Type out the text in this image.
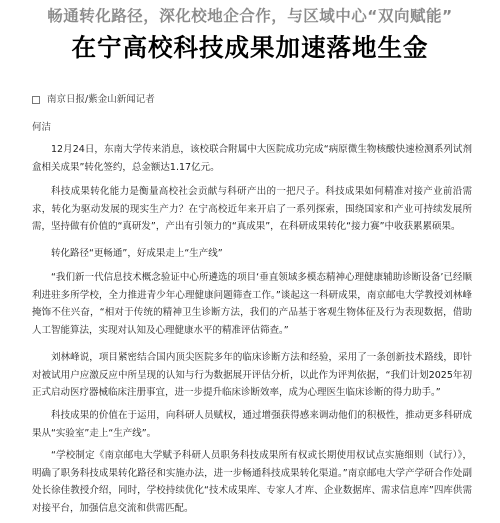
畅通转化路径，深化校地企合作，与区域中心“双向赋能”
在宁高校科技成果加速落地生金
南京日报/紫金山新闻记者
何洁

12月24日，东南大学传来消息，该校联合附属中大医院成功完成“病原微生物核酸快速检测系列试剂盒相关成果”转化签约，总金额达1.17亿元。

科技成果转化能力是衡量高校社会贡献与科研产出的一把尺子。科技成果如何精准对接产业前沿需求，转化为驱动发展的现实生产力？在宁高校近年来开启了一系列探索，围绕国家和产业可持续发展所需，坚持做有价值的“真研发”，产出有引领力的“真成果”，在科研成果转化“接力赛”中收获累累硕果。

转化路径“更畅通”，好成果走上“生产线”

“我们新一代信息技术概念验证中心所遴选的项目‘垂直领域多模态精神心理健康辅助诊断设备’已经顺利进驻多所学校，全力推进青少年心理健康问题筛查工作。”谈起这一科研成果，南京邮电大学教授刘林峰掩饰不住兴奋，“相对于传统的精神卫生诊断方法，我们的产品基于客观生物体征及行为表现数据，借助人工智能算法，实现对认知及心理健康水平的精准评估筛查。”

刘林峰说，项目紧密结合国内顶尖医院多年的临床诊断方法和经验，采用了一条创新技术路线，即针对被试用户应激反应中所呈现的认知与行为数据展开评估分析，以此作为评判依据，“我们计划2025年初正式启动医疗器械临床注册事宜，进一步提升临床诊断效率，成为心理医生临床诊断的得力助手。”

科技成果的价值在于运用，向科研人员赋权，通过增强获得感来调动他们的积极性，推动更多科研成果从“实验室”走上“生产线”。

“学校制定《南京邮电大学赋予科研人员职务科技成果所有权或长期使用权试点实施细则（试行）》，明确了职务科技成果转化路径和实施办法，进一步畅通科技成果转化渠道。”南京邮电大学产学研合作处副处长徐佳教授介绍，同时，学校持续优化“技术成果库、专家人才库、企业数据库、需求信息库”四库供需对接平台，加强信息交流和供需匹配。
